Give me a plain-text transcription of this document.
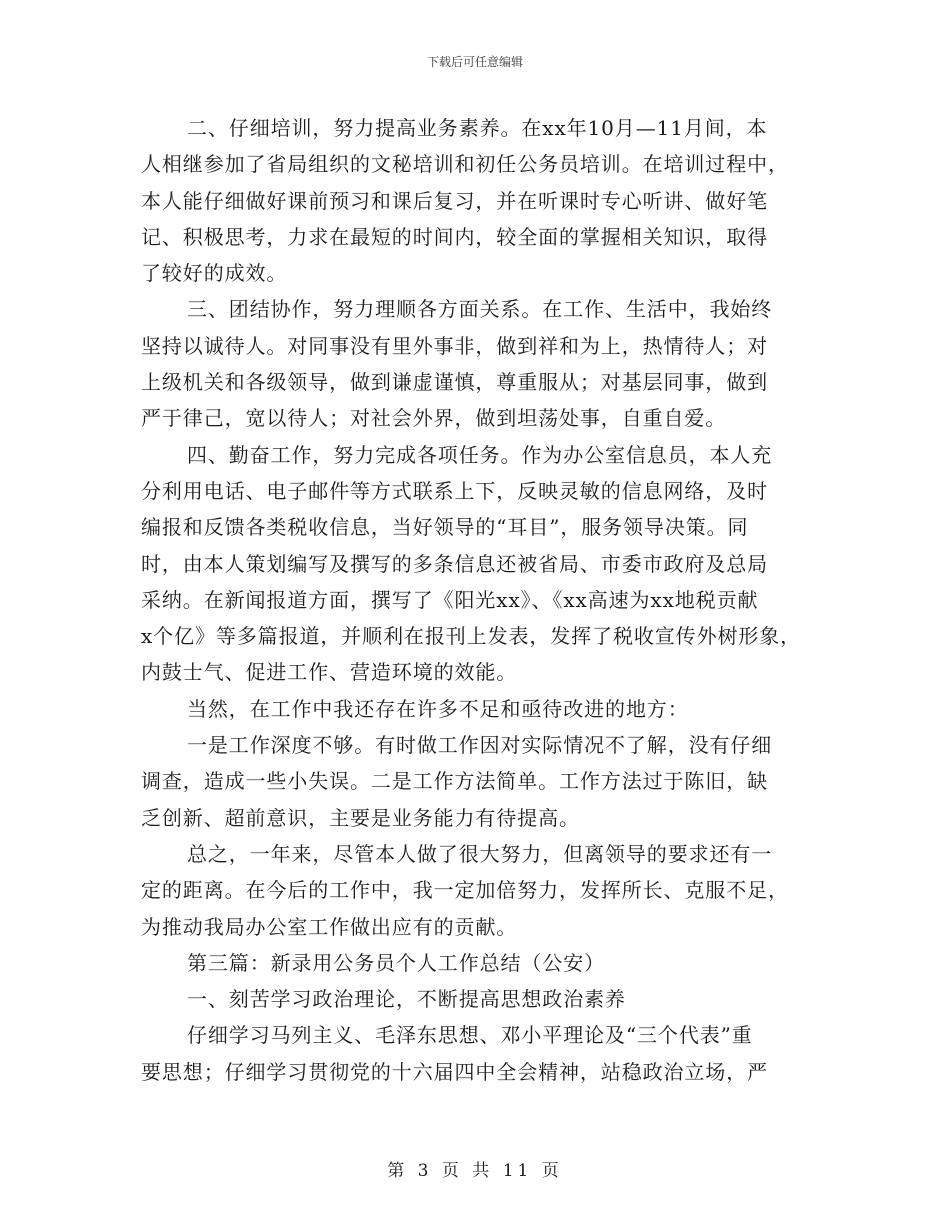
下载后可任意编辑
二、仔细培训，努力提高业务素养。在xx年10月—11月间，本
人相继参加了省局组织的文秘培训和初任公务员培训。在培训过程中，
本人能仔细做好课前预习和课后复习，并在听课时专心听讲、做好笔
记、积极思考，力求在最短的时间内，较全面的掌握相关知识，取得
了较好的成效。
三、团结协作，努力理顺各方面关系。在工作、生活中，我始终
坚持以诚待人。对同事没有里外事非，做到祥和为上，热情待人；对
上级机关和各级领导，做到谦虚谨慎，尊重服从；对基层同事，做到
严于律己，宽以待人；对社会外界，做到坦荡处事，自重自爱。
四、勤奋工作，努力完成各项任务。作为办公室信息员，本人充
分利用电话、电子邮件等方式联系上下，反映灵敏的信息网络，及时
编报和反馈各类税收信息，当好领导的“耳目”，服务领导决策。同
时，由本人策划编写及撰写的多条信息还被省局、市委市政府及总局
采纳。在新闻报道方面，撰写了《阳光xx》、《xx高速为xx地税贡献
x个亿》等多篇报道，并顺利在报刊上发表，发挥了税收宣传外树形象，
内鼓士气、促进工作、营造环境的效能。
当然，在工作中我还存在许多不足和亟待改进的地方：
一是工作深度不够。有时做工作因对实际情况不了解，没有仔细
调查，造成一些小失误。二是工作方法简单。工作方法过于陈旧，缺
乏创新、超前意识，主要是业务能力有待提高。
总之，一年来，尽管本人做了很大努力，但离领导的要求还有一
定的距离。在今后的工作中，我一定加倍努力，发挥所长、克服不足，
为推动我局办公室工作做出应有的贡献。
第三篇：新录用公务员个人工作总结（公安）
一、刻苦学习政治理论，不断提高思想政治素养
仔细学习马列主义、毛泽东思想、邓小平理论及“三个代表”重
要思想；仔细学习贯彻党的十六届四中全会精神，站稳政治立场，严
第 3 页 共 11 页
